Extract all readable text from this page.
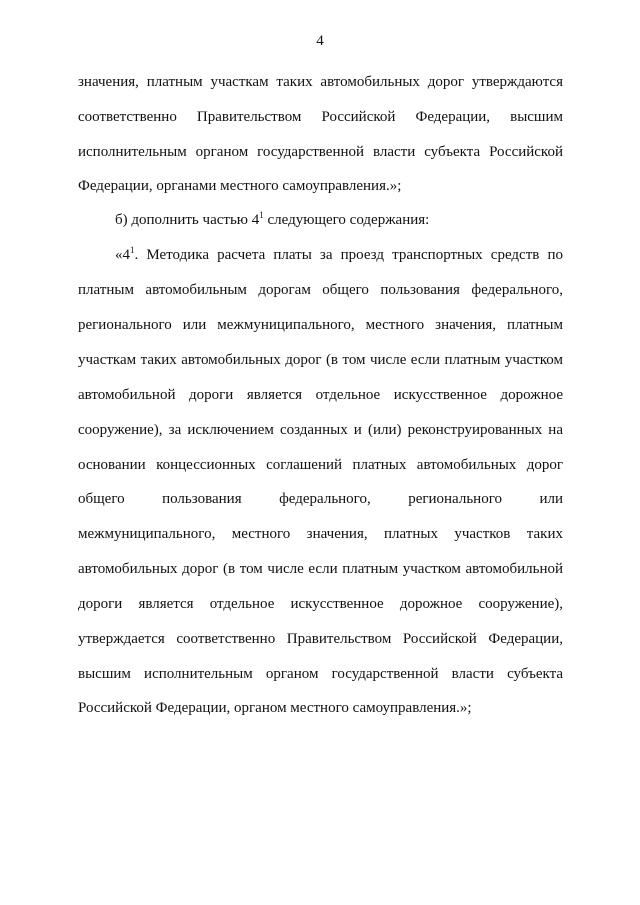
4
значения, платным участкам таких автомобильных дорог утверждаются
соответственно Правительством Российской Федерации, высшим
исполнительным органом государственной власти субъекта Российской
Федерации, органами местного самоуправления.»;
б) дополнить частью $4^1$ следующего содержания:
«$4^1$. Методика расчета платы за проезд транспортных средств по
платным автомобильным дорогам общего пользования федерального,
регионального или межмуниципального, местного значения, платным
участкам таких автомобильных дорог (в том числе если платным участком
автомобильной дороги является отдельное искусственное дорожное
сооружение), за исключением созданных и (или) реконструированных на
основании концессионных соглашений платных автомобильных дорог
общего пользования федерального, регионального или
межмуниципального, местного значения, платных участков таких
автомобильных дорог (в том числе если платным участком автомобильной
дороги является отдельное искусственное дорожное сооружение),
утверждается соответственно Правительством Российской Федерации,
высшим исполнительным органом государственной власти субъекта
Российской Федерации, органом местного самоуправления.»;
